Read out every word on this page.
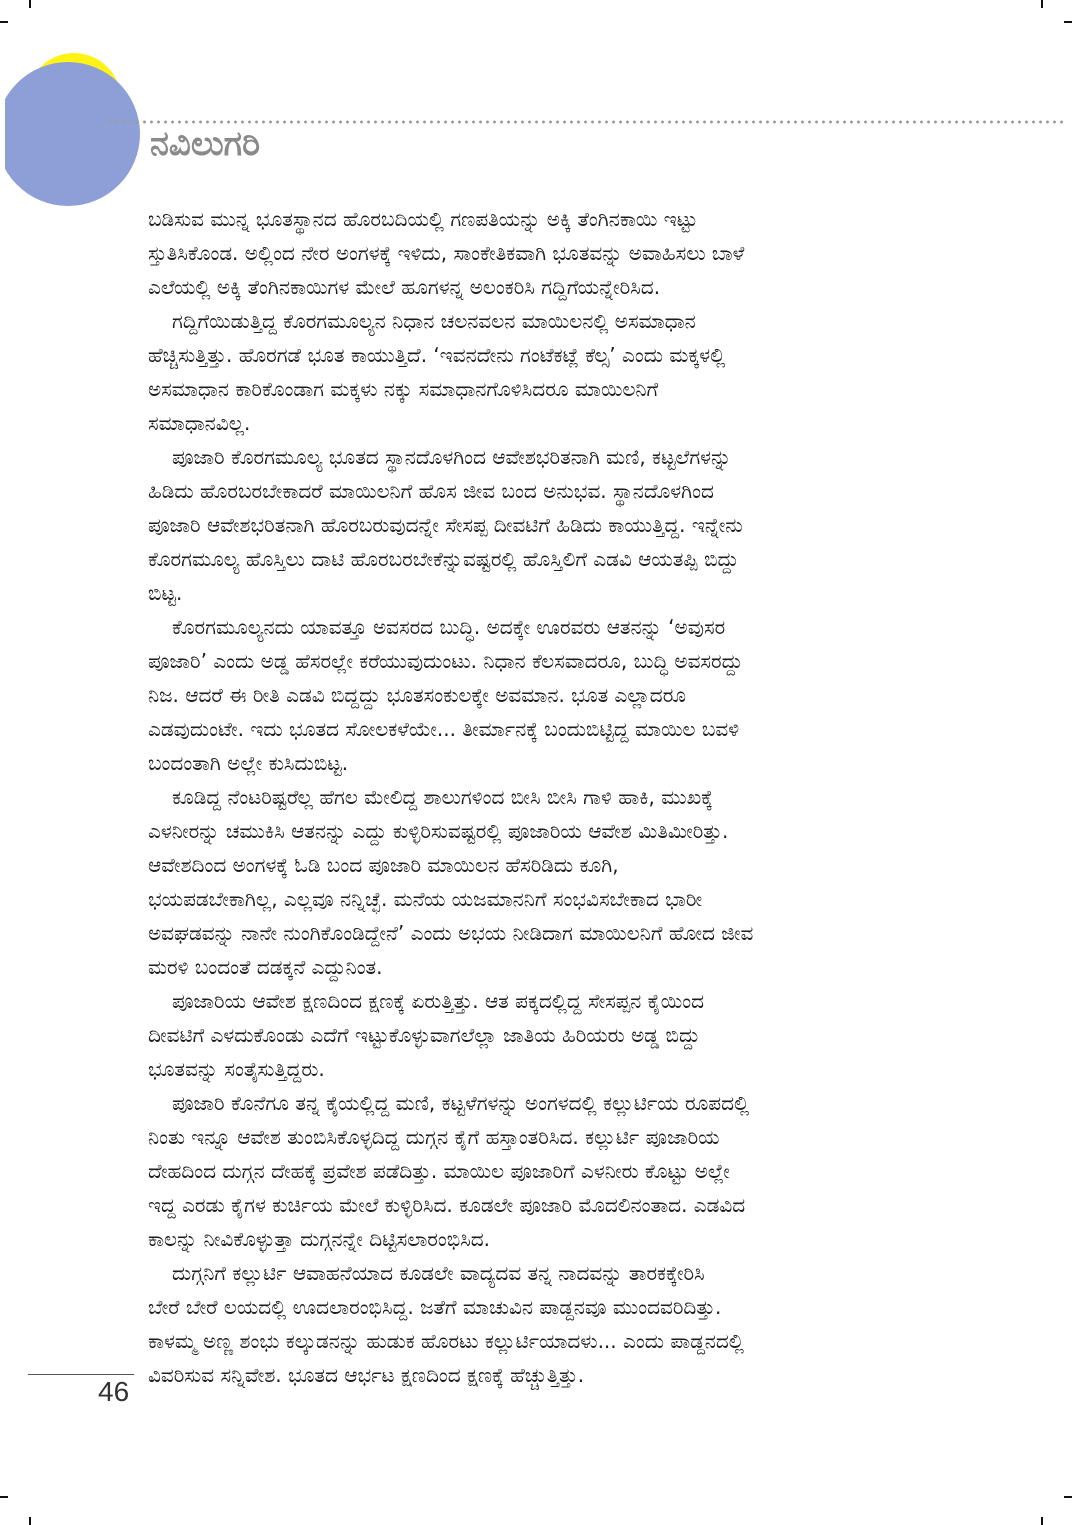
ನವಿಲುಗರಿ
ಬಡಿಸುವ ಮುನ್ನ ಭೂತಸ್ಥಾನದ ಹೊರಬದಿಯಲ್ಲಿ ಗಣಪತಿಯನ್ನು ಅಕ್ಕಿ ತೆಂಗಿನಕಾಯಿ ಇಟ್ಟು
ಸ್ತುತಿಸಿಕೊಂಡ. ಅಲ್ಲಿಂದ ನೇರ ಅಂಗಳಕ್ಕೆ ಇಳಿದು, ಸಾಂಕೇತಿಕವಾಗಿ ಭೂತವನ್ನು ಅವಾಹಿಸಲು ಬಾಳೆ
ಎಲೆಯಲ್ಲಿ ಅಕ್ಕಿ ತೆಂಗಿನಕಾಯಿಗಳ ಮೇಲೆ ಹೂಗಳನ್ನ ಅಲಂಕರಿಸಿ ಗದ್ದಿಗೆಯನ್ನೇರಿಸಿದ.
ಗದ್ದಿಗೆಯಿಡುತ್ತಿದ್ದ ಕೊರಗಮೂಲ್ಯನ ನಿಧಾನ ಚಲನವಲನ ಮಾಯಿಲನಲ್ಲಿ ಅಸಮಾಧಾನ
ಹೆಚ್ಚಿಸುತ್ತಿತ್ತು. ಹೊರಗಡೆ ಭೂತ ಕಾಯುತ್ತಿದೆ. ‘ಇವನದೇನು ಗಂಟೆಕಟ್ಲೆ ಕೆಲ್ಸ’ ಎಂದು ಮಕ್ಕಳಲ್ಲಿ
ಅಸಮಾಧಾನ ಕಾರಿಕೊಂಡಾಗ ಮಕ್ಕಳು ನಕ್ಕು ಸಮಾಧಾನಗೊಳಿಸಿದರೂ ಮಾಯಿಲನಿಗೆ
ಸಮಾಧಾನವಿಲ್ಲ.
ಪೂಜಾರಿ ಕೊರಗಮೂಲ್ಯ ಭೂತದ ಸ್ಥಾನದೊಳಗಿಂದ ಆವೇಶಭರಿತನಾಗಿ ಮಣಿ, ಕಟ್ಟಲೆಗಳನ್ನು
ಹಿಡಿದು ಹೊರಬರಬೇಕಾದರೆ ಮಾಯಿಲನಿಗೆ ಹೊಸ ಜೀವ ಬಂದ ಅನುಭವ. ಸ್ಥಾನದೊಳಗಿಂದ
ಪೂಜಾರಿ ಆವೇಶಭರಿತನಾಗಿ ಹೊರಬರುವುದನ್ನೇ ಸೇಸಪ್ಪ ದೀವಟಿಗೆ ಹಿಡಿದು ಕಾಯುತ್ತಿದ್ದ. ಇನ್ನೇನು
ಕೊರಗಮೂಲ್ಯ ಹೊಸ್ತಿಲು ದಾಟಿ ಹೊರಬರಬೇಕೆನ್ನುವಷ್ಟರಲ್ಲಿ ಹೊಸ್ತಿಲಿಗೆ ಎಡವಿ ಆಯತಪ್ಪಿ ಬಿದ್ದು
ಬಿಟ್ಟ.
ಕೊರಗಮೂಲ್ಯನದು ಯಾವತ್ತೂ ಅವಸರದ ಬುದ್ಧಿ. ಅದಕ್ಕೇ ಊರವರು ಆತನನ್ನು ‘ಅವುಸರ
ಪೂಜಾರಿ’ ಎಂದು ಅಡ್ಡ ಹೆಸರಲ್ಲೇ ಕರೆಯುವುದುಂಟು. ನಿಧಾನ ಕೆಲಸವಾದರೂ, ಬುದ್ಧಿ ಅವಸರದ್ದು
ನಿಜ. ಆದರೆ ಈ ರೀತಿ ಎಡವಿ ಬಿದ್ದದ್ದು ಭೂತಸಂಕುಲಕ್ಕೇ ಅವಮಾನ. ಭೂತ ಎಲ್ಲಾದರೂ
ಎಡವುದುಂಟೇ. ಇದು ಭೂತದ ಸೋಲಕಳೆಯೇ... ತೀರ್ಮಾನಕ್ಕೆ ಬಂದುಬಿಟ್ಟಿದ್ದ ಮಾಯಿಲ ಬವಳಿ
ಬಂದಂತಾಗಿ ಅಲ್ಲೇ ಕುಸಿದುಬಿಟ್ಟ.
ಕೂಡಿದ್ದ ನೆಂಟರಿಷ್ಟರೆಲ್ಲ ಹೆಗಲ ಮೇಲಿದ್ದ ಶಾಲುಗಳಿಂದ ಬೀಸಿ ಬೀಸಿ ಗಾಳಿ ಹಾಕಿ, ಮುಖಕ್ಕೆ
ಎಳನೀರನ್ನು ಚಮುಕಿಸಿ ಆತನನ್ನು ಎದ್ದು ಕುಳ್ಳಿರಿಸುವಷ್ಟರಲ್ಲಿ ಪೂಜಾರಿಯ ಆವೇಶ ಮಿತಿಮೀರಿತ್ತು.
ಆವೇಶದಿಂದ ಅಂಗಳಕ್ಕೆ ಓಡಿ ಬಂದ ಪೂಜಾರಿ ಮಾಯಿಲನ ಹೆಸರಿಡಿದು ಕೂಗಿ,
ಭಯಪಡಬೇಕಾಗಿಲ್ಲ, ಎಲ್ಲವೂ ನನ್ನಿಚ್ಛೆ. ಮನೆಯ ಯಜಮಾನನಿಗೆ ಸಂಭವಿಸಬೇಕಾದ ಭಾರೀ
ಅವಘಡವನ್ನು ನಾನೇ ನುಂಗಿಕೊಂಡಿದ್ದೇನೆ’ ಎಂದು ಅಭಯ ನೀಡಿದಾಗ ಮಾಯಿಲನಿಗೆ ಹೋದ ಜೀವ
ಮರಳಿ ಬಂದಂತೆ ದಡಕ್ಕನೆ ಎದ್ದುನಿಂತ.
ಪೂಜಾರಿಯ ಆವೇಶ ಕ್ಷಣದಿಂದ ಕ್ಷಣಕ್ಕೆ ಏರುತ್ತಿತ್ತು. ಆತ ಪಕ್ಕದಲ್ಲಿದ್ದ ಸೇಸಪ್ಪನ ಕೈಯಿಂದ
ದೀವಟಿಗೆ ಎಳದುಕೊಂಡು ಎದೆಗೆ ಇಟ್ಟುಕೊಳ್ಳುವಾಗಲೆಲ್ಲಾ ಜಾತಿಯ ಹಿರಿಯರು ಅಡ್ಡ ಬಿದ್ದು
ಭೂತವನ್ನು ಸಂತೈಸುತ್ತಿದ್ದರು.
ಪೂಜಾರಿ ಕೊನೆಗೂ ತನ್ನ ಕೈಯಲ್ಲಿದ್ದ ಮಣಿ, ಕಟ್ಟಳೆಗಳನ್ನು ಅಂಗಳದಲ್ಲಿ ಕಲ್ಲುರ್ಟಿಯ ರೂಪದಲ್ಲಿ
ನಿಂತು ಇನ್ನೂ ಆವೇಶ ತುಂಬಿಸಿಕೊಳ್ಳದಿದ್ದ ದುಗ್ಗನ ಕೈಗೆ ಹಸ್ತಾಂತರಿಸಿದ. ಕಲ್ಲುರ್ಟಿ ಪೂಜಾರಿಯ
ದೇಹದಿಂದ ದುಗ್ಗನ ದೇಹಕ್ಕೆ ಪ್ರವೇಶ ಪಡೆದಿತ್ತು. ಮಾಯಿಲ ಪೂಜಾರಿಗೆ ಎಳನೀರು ಕೊಟ್ಟು ಅಲ್ಲೇ
ಇದ್ದ ಎರಡು ಕೈಗಳ ಕುರ್ಚಿಯ ಮೇಲೆ ಕುಳ್ಳಿರಿಸಿದ. ಕೂಡಲೇ ಪೂಜಾರಿ ಮೊದಲಿನಂತಾದ. ಎಡವಿದ
ಕಾಲನ್ನು ನೀವಿಕೊಳ್ಳುತ್ತಾ ದುಗ್ಗನನ್ನೇ ದಿಟ್ಟಿಸಲಾರಂಭಿಸಿದ.
ದುಗ್ಗನಿಗೆ ಕಲ್ಲುರ್ಟಿ ಆವಾಹನೆಯಾದ ಕೂಡಲೇ ವಾದ್ಯದವ ತನ್ನ ನಾದವನ್ನು ತಾರಕಕ್ಕೇರಿಸಿ
ಬೇರೆ ಬೇರೆ ಲಯದಲ್ಲಿ ಊದಲಾರಂಭಿಸಿದ್ದ. ಜತೆಗೆ ಮಾಚುವಿನ ಪಾಡ್ದನವೂ ಮುಂದವರಿದಿತ್ತು.
ಕಾಳಮ್ಮ ಅಣ್ಣ ಶಂಭು ಕಲ್ಕುಡನನ್ನು ಹುಡುಕ ಹೊರಟು ಕಲ್ಲುರ್ಟಿಯಾದಳು... ಎಂದು ಪಾಡ್ದನದಲ್ಲಿ
ವಿವರಿಸುವ ಸನ್ನಿವೇಶ. ಭೂತದ ಆರ್ಭಟ ಕ್ಷಣದಿಂದ ಕ್ಷಣಕ್ಕೆ ಹೆಚ್ಚುತ್ತಿತ್ತು.
46
